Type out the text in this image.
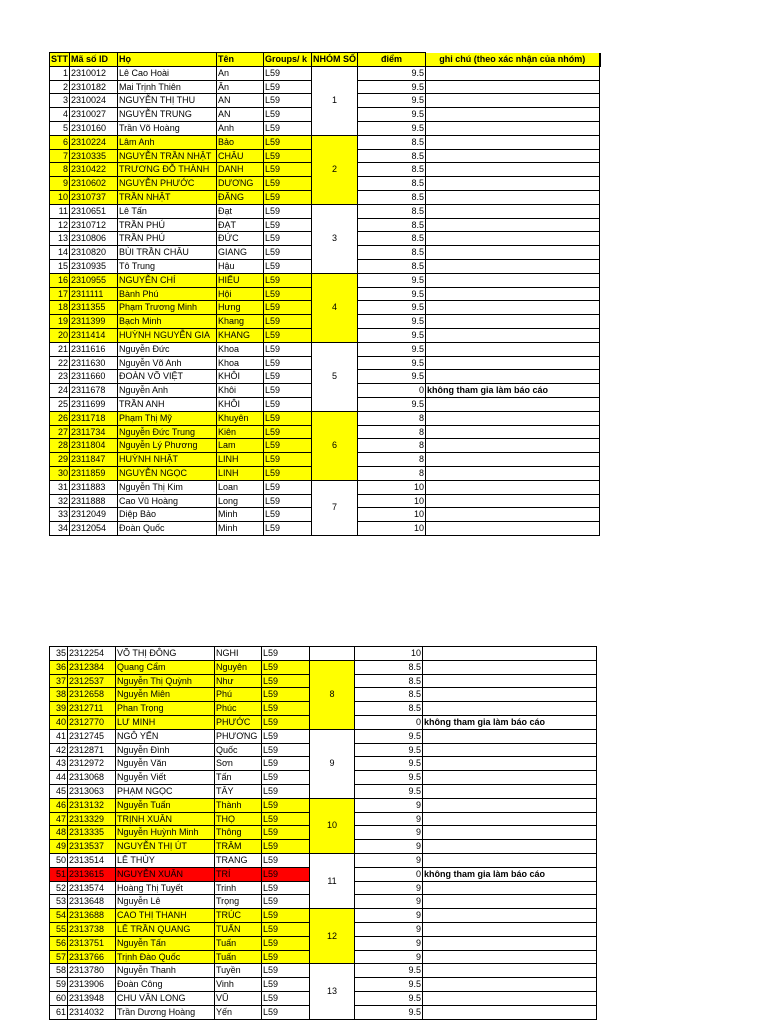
STT	Mã số ID	Họ	Tên	Groups/ k	NHÓM SỐ	điểm	ghi chú (theo xác nhận của nhóm)
1	2310012	Lê Cao Hoài	An	L59	1	9.5	
2	2310182	Mai Trịnh Thiên	Ân	L59		9.5	
3	2310024	NGUYỄN THỊ THU	AN	L59		9.5	
4	2310027	NGUYỄN TRUNG	AN	L59		9.5	
5	2310160	Trần Võ Hoàng	Anh	L59		9.5	
6	2310224	Lâm Anh	Bảo	L59	2	8.5	
7	2310335	NGUYỄN TRẦN NHẬT	CHÂU	L59		8.5	
8	2310422	TRƯƠNG ĐỖ THÀNH	DANH	L59		8.5	
9	2310602	NGUYỄN PHƯỚC	DƯƠNG	L59		8.5	
10	2310737	TRẦN NHẬT	ĐĂNG	L59		8.5	
11	2310651	Lê Tấn	Đạt	L59	3	8.5	
12	2310712	TRẦN PHÚ	ĐẠT	L59		8.5	
13	2310806	TRẦN PHÚ	ĐỨC	L59		8.5	
14	2310820	BÙI TRẦN CHÂU	GIANG	L59		8.5	
15	2310935	Tô Trung	Hậu	L59		8.5	
16	2310955	NGUYỄN CHÍ	HIẾU	L59	4	9.5	
17	2311111	Bành Phú	Hội	L59		9.5	
18	2311355	Phạm Trương Minh	Hưng	L59		9.5	
19	2311399	Bạch Minh	Khang	L59		9.5	
20	2311414	HUỲNH NGUYỄN GIA	KHANG	L59		9.5	
21	2311616	Nguyễn Đức	Khoa	L59	5	9.5	
22	2311630	Nguyễn Võ Anh	Khoa	L59		9.5	
23	2311660	ĐOÀN VÕ VIỆT	KHÔI	L59		9.5	
24	2311678	Nguyễn Anh	Khôi	L59		0	không tham gia làm báo cáo
25	2311699	TRẦN ANH	KHÔI	L59		9.5	
26	2311718	Phạm Thị Mỹ	Khuyên	L59	6	8	
27	2311734	Nguyễn Đức Trung	Kiên	L59		8	
28	2311804	Nguyễn Lý Phương	Lam	L59		8	
29	2311847	HUỲNH NHẬT	LINH	L59		8	
30	2311859	NGUYỄN NGỌC	LINH	L59		8	
31	2311883	Nguyễn Thị Kim	Loan	L59	7	10	
32	2311888	Cao Vũ Hoàng	Long	L59		10	
33	2312049	Diệp Bảo	Minh	L59		10	
34	2312054	Đoàn Quốc	Minh	L59		10	
35	2312254	VÕ THỊ ĐÔNG	NGHI	L59		10	
36	2312384	Quang Cẩm	Nguyên	L59	8	8.5	
37	2312537	Nguyễn Thị Quỳnh	Như	L59		8.5	
38	2312658	Nguyễn Miên	Phú	L59		8.5	
39	2312711	Phan Trọng	Phúc	L59		8.5	
40	2312770	LƯ MINH	PHƯỚC	L59		0	không tham gia làm báo cáo
41	2312745	NGÔ YẾN	PHƯƠNG	L59	9	9.5	
42	2312871	Nguyễn Đình	Quốc	L59		9.5	
43	2312972	Nguyễn Văn	Sơn	L59		9.5	
44	2313068	Nguyễn Viết	Tấn	L59		9.5	
45	2313063	PHẠM NGỌC	TÂY	L59		9.5	
46	2313132	Nguyễn Tuấn	Thành	L59	10	9	
47	2313329	TRỊNH XUÂN	THỌ	L59		9	
48	2313335	Nguyễn Huỳnh Minh	Thông	L59		9	
49	2313537	NGUYỄN THỊ ÚT	TRÂM	L59		9	
50	2313514	LÊ THÙY	TRANG	L59	11	9	
51	2313615	NGUYỄN XUÂN	TRÍ	L59		0	không tham gia làm báo cáo
52	2313574	Hoàng Thị Tuyết	Trinh	L59		9	
53	2313648	Nguyễn Lê	Trọng	L59		9	
54	2313688	CAO THỊ THANH	TRÚC	L59	12	9	
55	2313738	LÊ TRẦN QUANG	TUẤN	L59		9	
56	2313751	Nguyễn Tấn	Tuấn	L59		9	
57	2313766	Trịnh Đào Quốc	Tuấn	L59		9	
58	2313780	Nguyễn Thanh	Tuyền	L59	13	9.5	
59	2313906	Đoàn Công	Vinh	L59		9.5	
60	2313948	CHU VĂN LONG	VŨ	L59		9.5	
61	2314032	Trần Dương Hoàng	Yến	L59		9.5	
